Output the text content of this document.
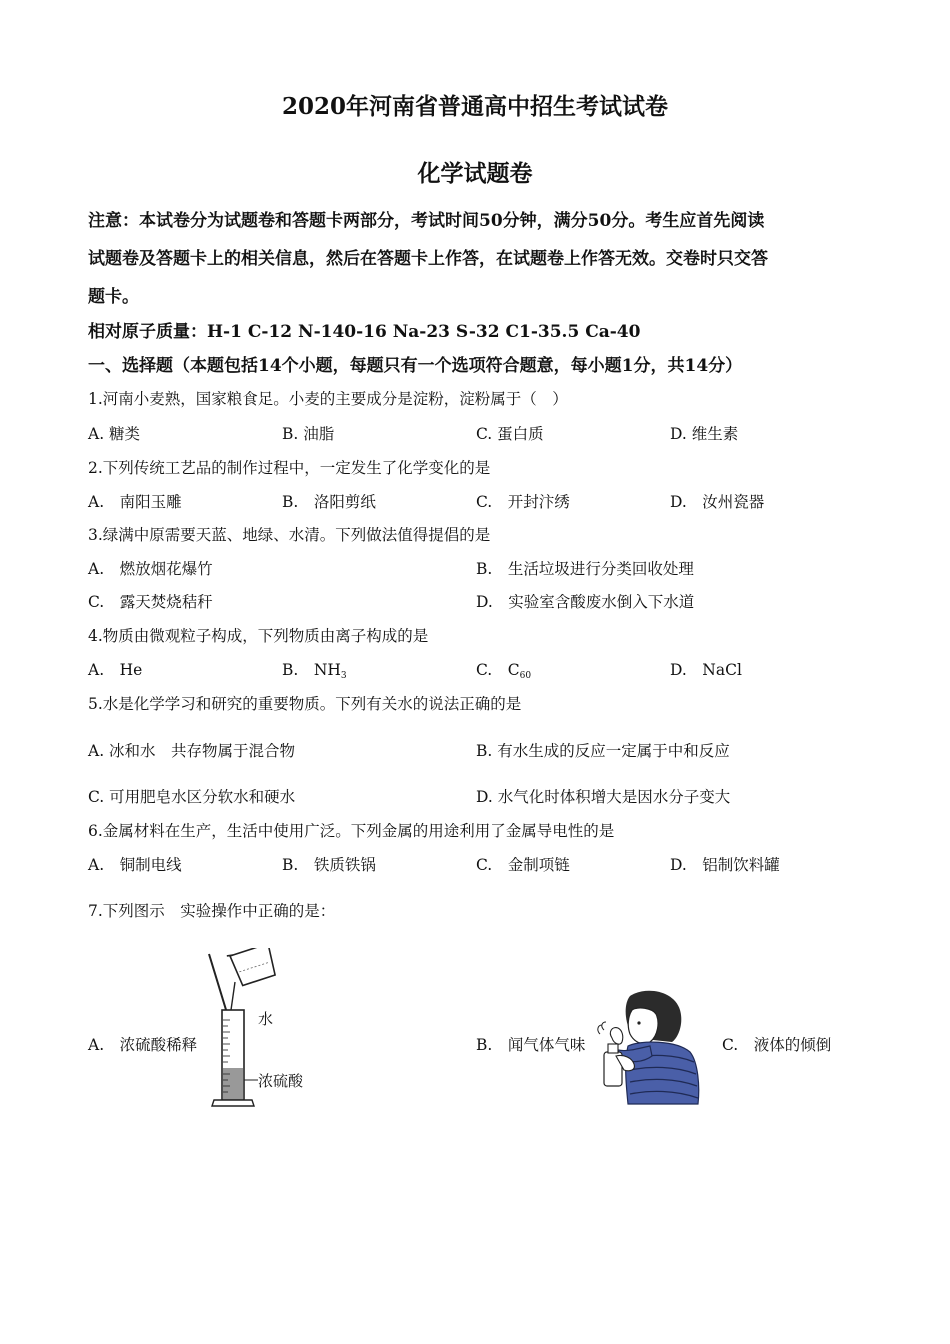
2020年河南省普通高中招生考试试卷
化学试题卷
注意：本试卷分为试题卷和答题卡两部分，考试时间50分钟，满分50分。考生应首先阅读
试题卷及答题卡上的相关信息，然后在答题卡上作答，在试题卷上作答无效。交卷时只交答
题卡。
相对原子质量：H-1 C-12 N-140-16 Na-23 S-32 C1-35.5 Ca-40
一、选择题（本题包括14个小题，每题只有一个选项符合题意，每小题1分，共14分）
1.河南小麦熟，国家粮食足。小麦的主要成分是淀粉，淀粉属于（　）
A. 糖类	B. 油脂	C. 蛋白质	D. 维生素
2.下列传统工艺品的制作过程中，一定发生了化学变化的是
A.　南阳玉雕	B.　洛阳剪纸	C.　开封汴绣	D.　汝州瓷器
3.绿满中原需要天蓝、地绿、水清。下列做法值得提倡的是
A.　燃放烟花爆竹	B.　生活垃圾进行分类回收处理
C.　露天焚烧秸秆	D.　实验室含酸废水倒入下水道
4.物质由微观粒子构成，下列物质由离子构成的是
A.　He	B.　$NH_3$	C.　$C_{60}$	D.　NaCl
5.水是化学学习和研究的重要物质。下列有关水的说法正确的是
A. 冰和水　共存物属于混合物	B. 有水生成的反应一定属于中和反应
C. 可用肥皂水区分软水和硬水	D. 水气化时体积增大是因水分子变大
6.金属材料在生产，生活中使用广泛。下列金属的用途利用了金属导电性的是
A.　铜制电线	B.　铁质铁锅	C.　金制项链	D.　铝制饮料罐
7.下列图示　实验操作中正确的是：
A.　浓硫酸稀释	B.　闻气体气味	C.　液体的倾倒
水
浓硫酸
